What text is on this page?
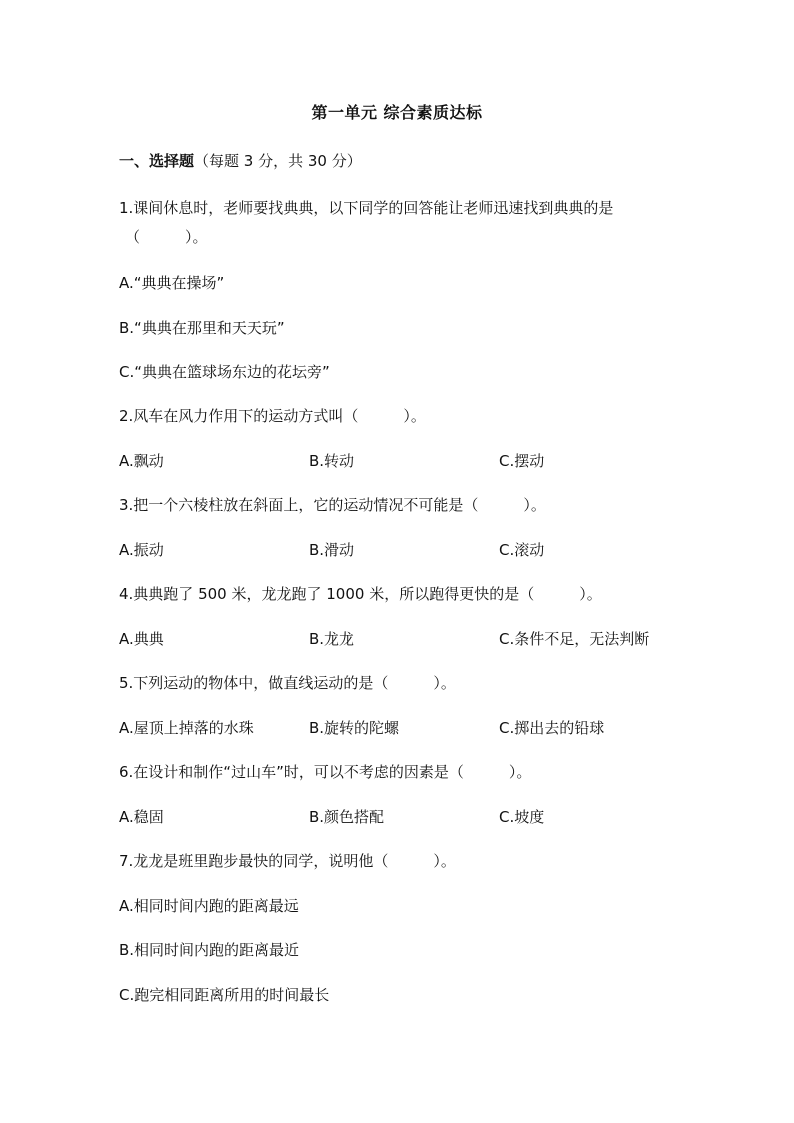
第一单元 综合素质达标
一、选择题（每题 3 分，共 30 分）
1.课间休息时，老师要找典典，以下同学的回答能让老师迅速找到典典的是
（　　　）。
A.“典典在操场”
B.“典典在那里和天天玩”
C.“典典在篮球场东边的花坛旁”
2.风车在风力作用下的运动方式叫（　　　）。
A.飘动	B.转动	C.摆动
3.把一个六棱柱放在斜面上，它的运动情况不可能是（　　　）。
A.振动	B.滑动	C.滚动
4.典典跑了 500 米，龙龙跑了 1000 米，所以跑得更快的是（　　　）。
A.典典	B.龙龙	C.条件不足，无法判断
5.下列运动的物体中，做直线运动的是（　　　）。
A.屋顶上掉落的水珠	B.旋转的陀螺	C.掷出去的铅球
6.在设计和制作“过山车”时，可以不考虑的因素是（　　　）。
A.稳固	B.颜色搭配	C.坡度
7.龙龙是班里跑步最快的同学，说明他（　　　）。
A.相同时间内跑的距离最远
B.相同时间内跑的距离最近
C.跑完相同距离所用的时间最长
